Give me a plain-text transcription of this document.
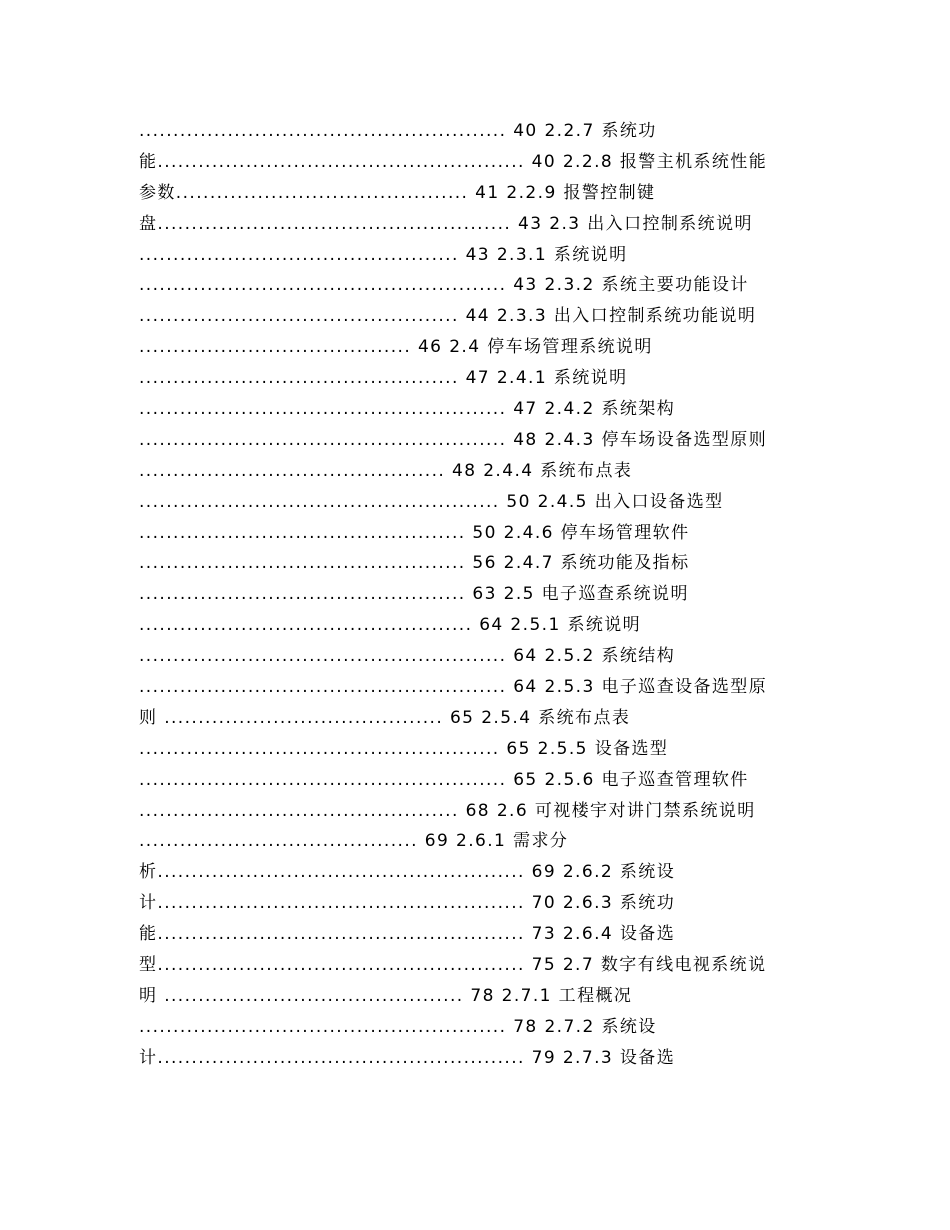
...................................................... 40 2.2.7 系统功
能...................................................... 40 2.2.8 报警主机系统性能
参数........................................... 41 2.2.9 报警控制键
盘.................................................... 43 2.3 出入口控制系统说明
............................................... 43 2.3.1 系统说明
...................................................... 43 2.3.2 系统主要功能设计
............................................... 44 2.3.3 出入口控制系统功能说明
........................................ 46 2.4 停车场管理系统说明
............................................... 47 2.4.1 系统说明
...................................................... 47 2.4.2 系统架构
...................................................... 48 2.4.3 停车场设备选型原则
............................................. 48 2.4.4 系统布点表
..................................................... 50 2.4.5 出入口设备选型
................................................ 50 2.4.6 停车场管理软件
................................................ 56 2.4.7 系统功能及指标
................................................ 63 2.5 电子巡查系统说明
................................................. 64 2.5.1 系统说明
...................................................... 64 2.5.2 系统结构
...................................................... 64 2.5.3 电子巡查设备选型原
则 ......................................... 65 2.5.4 系统布点表
..................................................... 65 2.5.5 设备选型
...................................................... 65 2.5.6 电子巡查管理软件
............................................... 68 2.6 可视楼宇对讲门禁系统说明
......................................... 69 2.6.1 需求分
析...................................................... 69 2.6.2 系统设
计...................................................... 70 2.6.3 系统功
能...................................................... 73 2.6.4 设备选
型...................................................... 75 2.7 数字有线电视系统说
明 ............................................ 78 2.7.1 工程概况
...................................................... 78 2.7.2 系统设
计...................................................... 79 2.7.3 设备选
